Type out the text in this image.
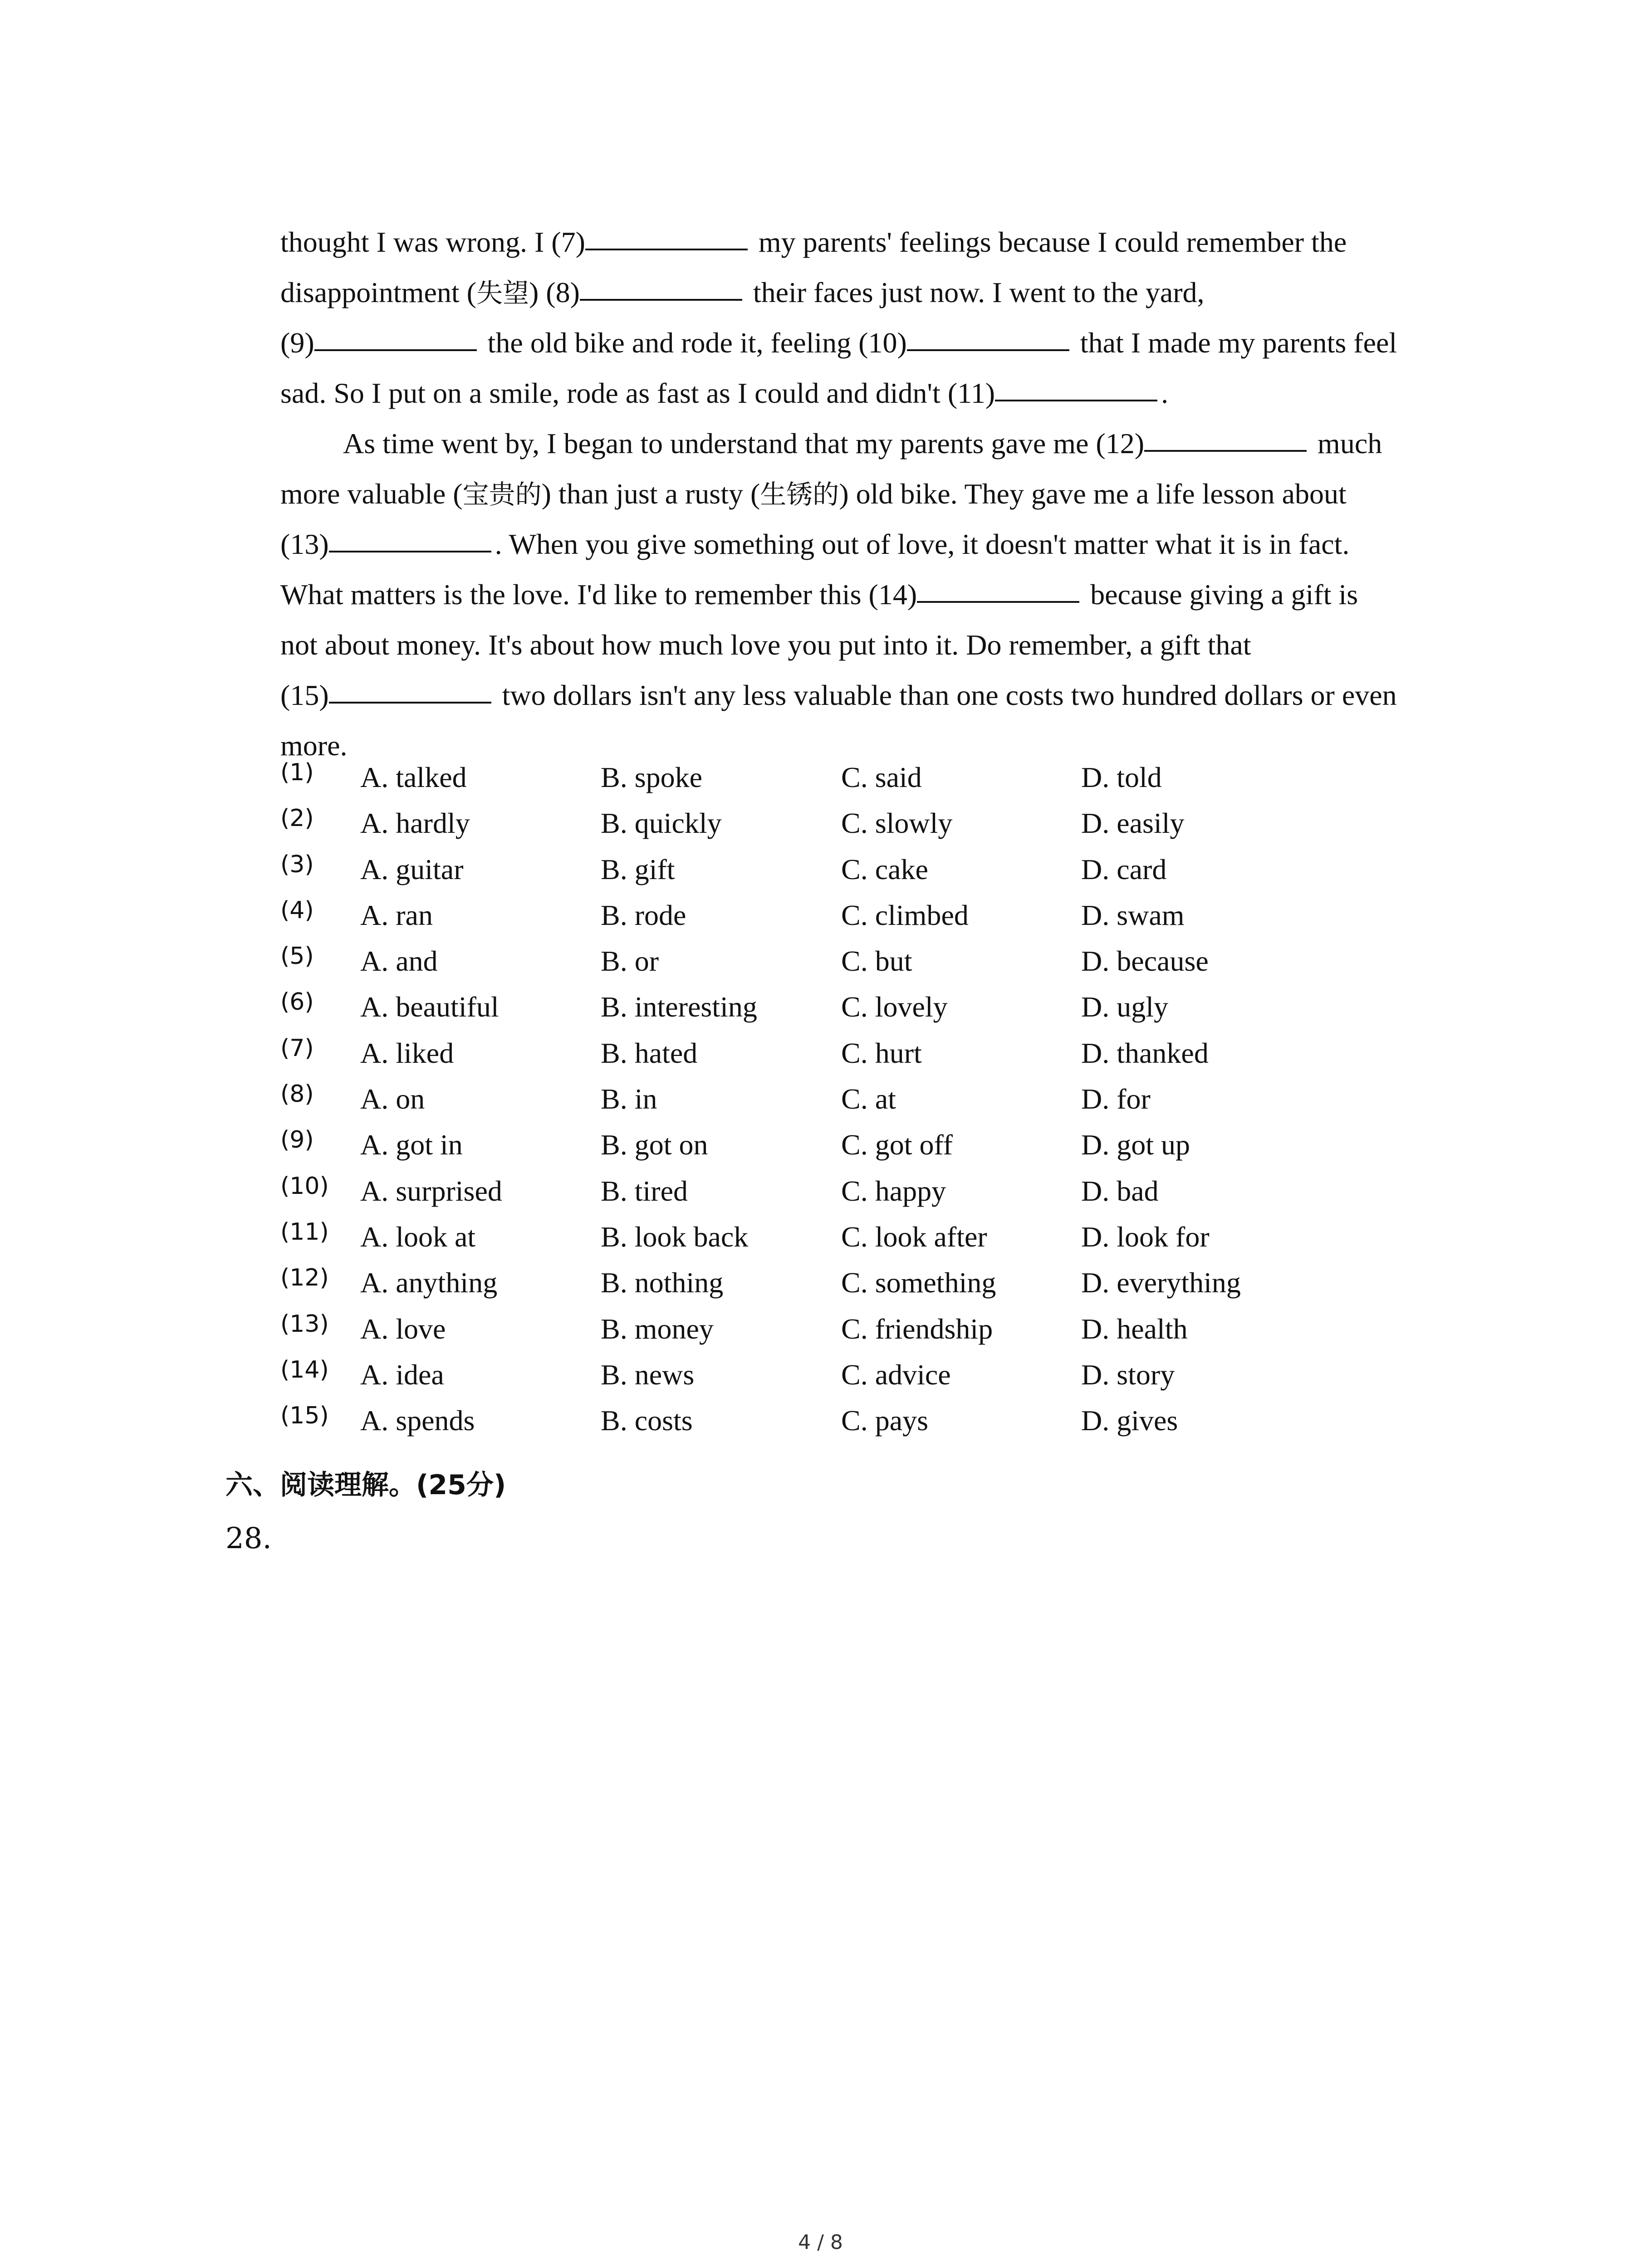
thought I was wrong. I (7)	my parents' feelings because I could remember the
disappointment (失望) (8)	their faces just now. I went to the yard,
(9)	the old bike and rode it, feeling (10)	that I made my parents feel
sad. So I put on a smile, rode as fast as I could and didn't (11)	.
As time went by, I began to understand that my parents gave me (12)	much
more valuable (宝贵的) than just a rusty (生锈的) old bike. They gave me a life lesson about
(13)	. When you give something out of love, it doesn't matter what it is in fact.
What matters is the love. I'd like to remember this (14)	because giving a gift is
not about money. It's about how much love you put into it. Do remember, a gift that
(15)	two dollars isn't any less valuable than one costs two hundred dollars or even
more.
(1) A. talked	B. spoke	C. said	D. told
(2) A. hardly	B. quickly	C. slowly	D. easily
(3) A. guitar	B. gift	C. cake	D. card
(4) A. ran	B. rode	C. climbed	D. swam
(5) A. and	B. or	C. but	D. because
(6) A. beautiful	B. interesting	C. lovely	D. ugly
(7) A. liked	B. hated	C. hurt	D. thanked
(8) A. on	B. in	C. at	D. for
(9) A. got in	B. got on	C. got off	D. got up
(10) A. surprised	B. tired	C. happy	D. bad
(11) A. look at	B. look back	C. look after	D. look for
(12) A. anything	B. nothing	C. something	D. everything
(13) A. love	B. money	C. friendship	D. health
(14) A. idea	B. news	C. advice	D. story
(15) A. spends	B. costs	C. pays	D. gives
六、阅读理解。(25分)
28.
4 / 8
